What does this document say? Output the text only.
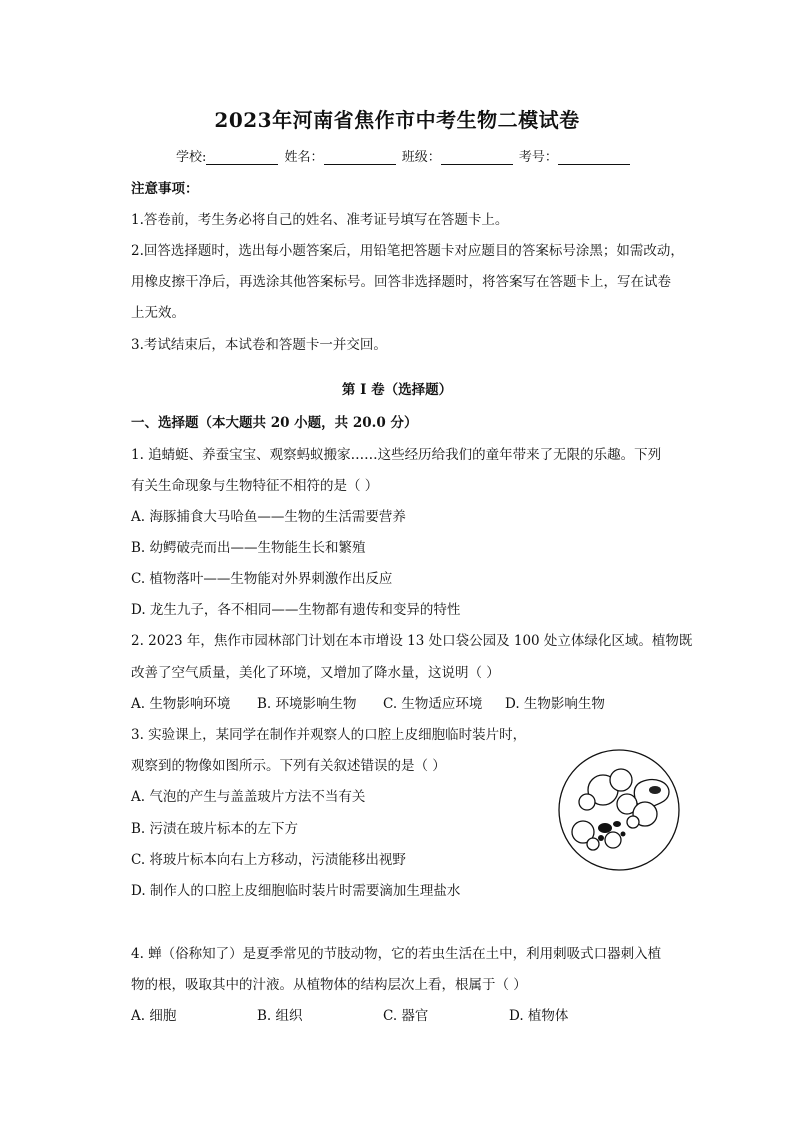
2023年河南省焦作市中考生物二模试卷
学校:	姓名：	班级：	考号：
注意事项：
1.答卷前，考生务必将自己的姓名、准考证号填写在答题卡上。
2.回答选择题时，选出每小题答案后，用铅笔把答题卡对应题目的答案标号涂黑；如需改动，
用橡皮擦干净后，再选涂其他答案标号。回答非选择题时，将答案写在答题卡上，写在试卷
上无效。
3.考试结束后，本试卷和答题卡一并交回。
第 I 卷（选择题）
一、选择题（本大题共 20 小题，共 20.0 分）
1. 追蜻蜓、养蚕宝宝、观察蚂蚁搬家……这些经历给我们的童年带来了无限的乐趣。下列
有关生命现象与生物特征不相符的是（ ）
A. 海豚捕食大马哈鱼——生物的生活需要营养
B. 幼鳄破壳而出——生物能生长和繁殖
C. 植物落叶——生物能对外界刺激作出反应
D. 龙生九子，各不相同——生物都有遗传和变异的特性
2. 2023 年，焦作市园林部门计划在本市增设 13 处口袋公园及 100 处立体绿化区域。植物既
改善了空气质量，美化了环境，又增加了降水量，这说明（ ）
A. 生物影响环境 B. 环境影响生物 C. 生物适应环境 D. 生物影响生物
3. 实验课上，某同学在制作并观察人的口腔上皮细胞临时装片时，
观察到的物像如图所示。下列有关叙述错误的是（ ）
A. 气泡的产生与盖盖玻片方法不当有关
B. 污渍在玻片标本的左下方
C. 将玻片标本向右上方移动，污渍能移出视野
D. 制作人的口腔上皮细胞临时装片时需要滴加生理盐水
4. 蝉（俗称知了）是夏季常见的节肢动物，它的若虫生活在土中，利用刺吸式口器刺入植
物的根，吸取其中的汁液。从植物体的结构层次上看，根属于（ ）
A. 细胞	B. 组织	C. 器官	D. 植物体
